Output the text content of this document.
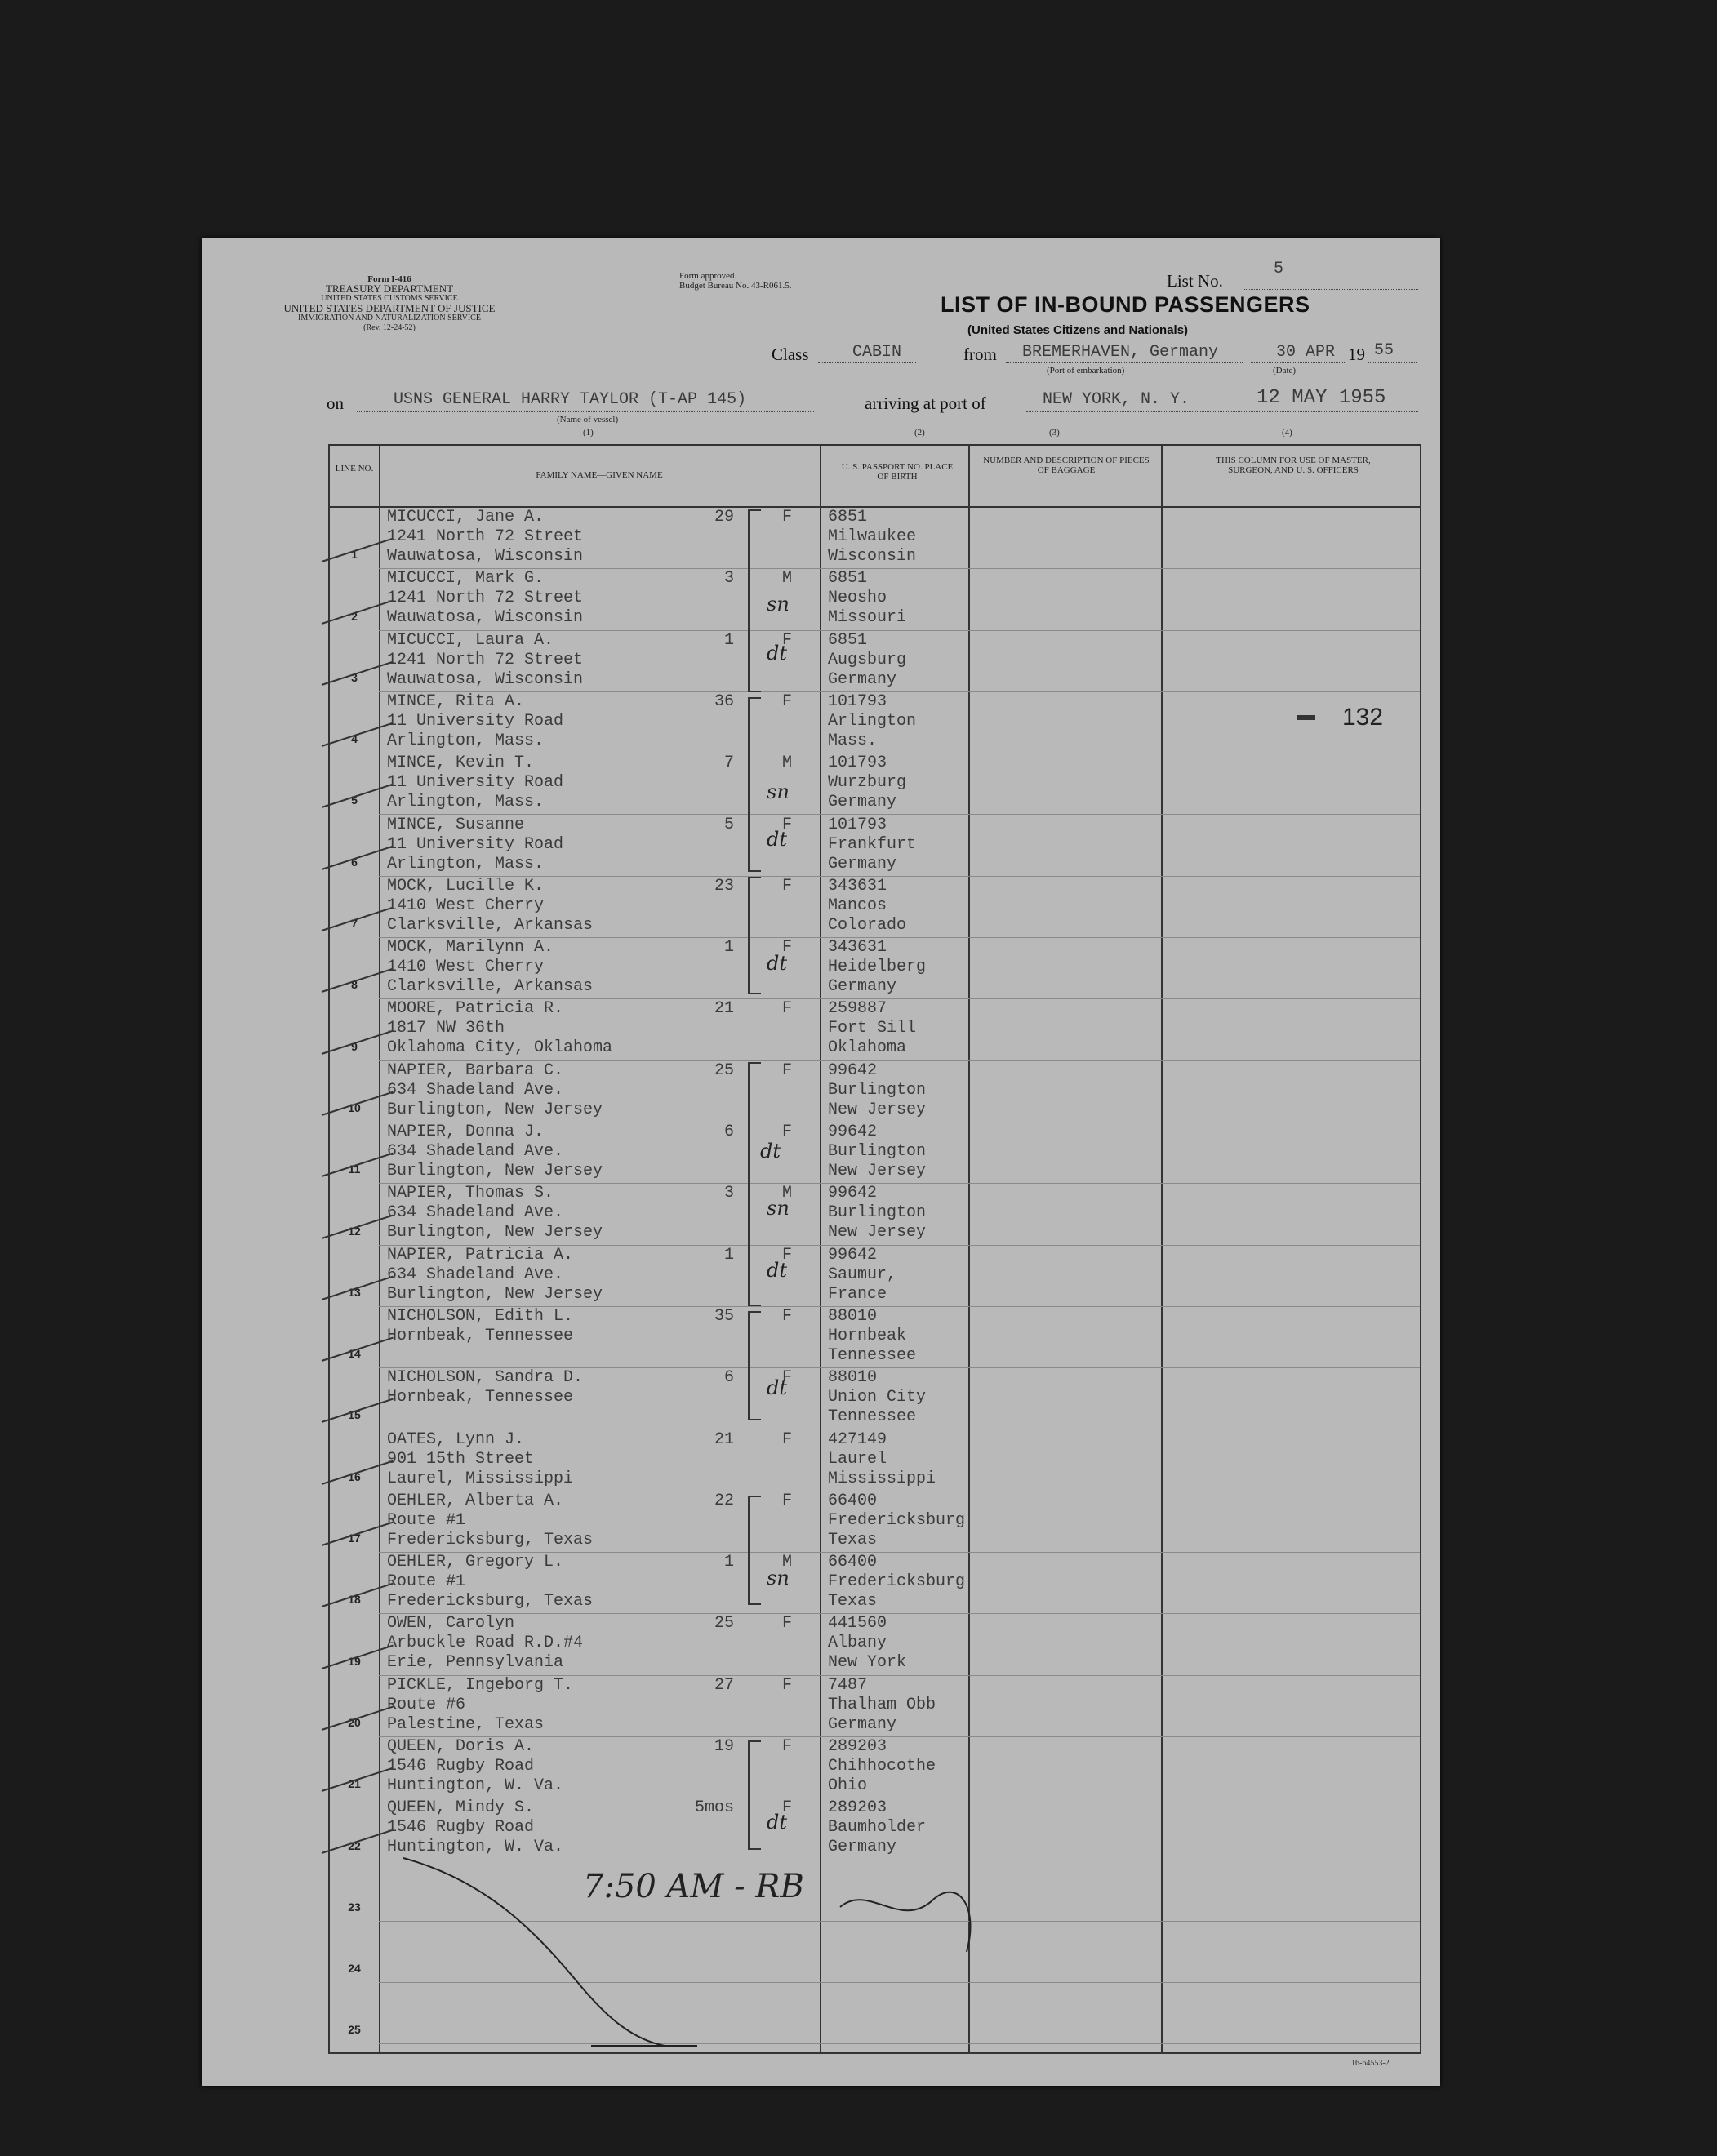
Form I-416
TREASURY DEPARTMENT
UNITED STATES CUSTOMS SERVICE
UNITED STATES DEPARTMENT OF JUSTICE
IMMIGRATION AND NATURALIZATION SERVICE
(Rev. 12-24-52)
Form approved.
Budget Bureau No. 43-R061.5.	List No.
5
LIST OF IN-BOUND PASSENGERS
(United States Citizens and Nationals)
Class	CABIN	from BREMERHAVEN, Germany
(Port of embarkation)
30 APR
(Date)
19 55
on	USNS GENERAL HARRY TAYLOR (T-AP 145)
(Name of vessel)
arriving at port of	NEW YORK, N. Y.	12 MAY 1955
(1)	(2)	(3)	(4)
LINE NO.
FAMILY NAME—GIVEN NAME
U. S. PASSPORT NO. PLACE OF BIRTH
NUMBER AND DESCRIPTION OF PIECES OF BAGGAGE
THIS COLUMN FOR USE OF MASTER, SURGEON, AND U. S. OFFICERS
1
MICUCCI, Jane A.
1241 North 72 Street
Wauwatosa, Wisconsin
29	F	6851
Milwaukee
Wisconsin
2
MICUCCI, Mark G.
1241 North 72 Street
Wauwatosa, Wisconsin
3	M	6851
Neosho
Missouri
3
MICUCCI, Laura A.
1241 North 72 Street
Wauwatosa, Wisconsin
1	F	6851
Augsburg
Germany
4
MINCE, Rita A.
11 University Road
Arlington, Mass.
36	F	101793
Arlington
Mass.
5
MINCE, Kevin T.
11 University Road
Arlington, Mass.
7	M	101793
Wurzburg
Germany
6
MINCE, Susanne
11 University Road
Arlington, Mass.
5	F	101793
Frankfurt
Germany
7
MOCK, Lucille K.
1410 West Cherry
Clarksville, Arkansas
23	F	343631
Mancos
Colorado
8
MOCK, Marilynn A.
1410 West Cherry
Clarksville, Arkansas
1	F	343631
Heidelberg
Germany
9
MOORE, Patricia R.
1817 NW 36th
Oklahoma City, Oklahoma
21	F	259887
Fort Sill
Oklahoma
10
NAPIER, Barbara C.
634 Shadeland Ave.
Burlington, New Jersey
25	F	99642
Burlington
New Jersey
11
NAPIER, Donna J.
634 Shadeland Ave.
Burlington, New Jersey
6	F	99642
Burlington
New Jersey
12
NAPIER, Thomas S.
634 Shadeland Ave.
Burlington, New Jersey
3	M	99642
Burlington
New Jersey
13
NAPIER, Patricia A.
634 Shadeland Ave.
Burlington, New Jersey
1	F	99642
Saumur,
France
14
NICHOLSON, Edith L.
Hornbeak, Tennessee
35	F	88010
Hornbeak
Tennessee
15
NICHOLSON, Sandra D.
Hornbeak, Tennessee
6	F	88010
Union City
Tennessee
16
OATES, Lynn J.
901 15th Street
Laurel, Mississippi
21	F	427149
Laurel
Mississippi
17
OEHLER, Alberta A.
Route #1
Fredericksburg, Texas
22	F	66400
Fredericksburg
Texas
18
OEHLER, Gregory L.
Route #1
Fredericksburg, Texas
1	M	66400
Fredericksburg
Texas
19
OWEN, Carolyn
Arbuckle Road R.D.#4
Erie, Pennsylvania
25	F	441560
Albany
New York
20
PICKLE, Ingeborg T.
Route #6
Palestine, Texas
27	F	7487
Thalham Obb
Germany
21
QUEEN, Doris A.
1546 Rugby Road
Huntington, W. Va.
19	F	289203
Chihhocothe
Ohio
22
QUEEN, Mindy S.
1546 Rugby Road
Huntington, W. Va.
5mos	F	289203
Baumholder
Germany
23
24
25
sn
dt
sn
dt
dt
dt
sn
dt
dt
sn
dt
132
7:50 AM - RB
16-64553-2
